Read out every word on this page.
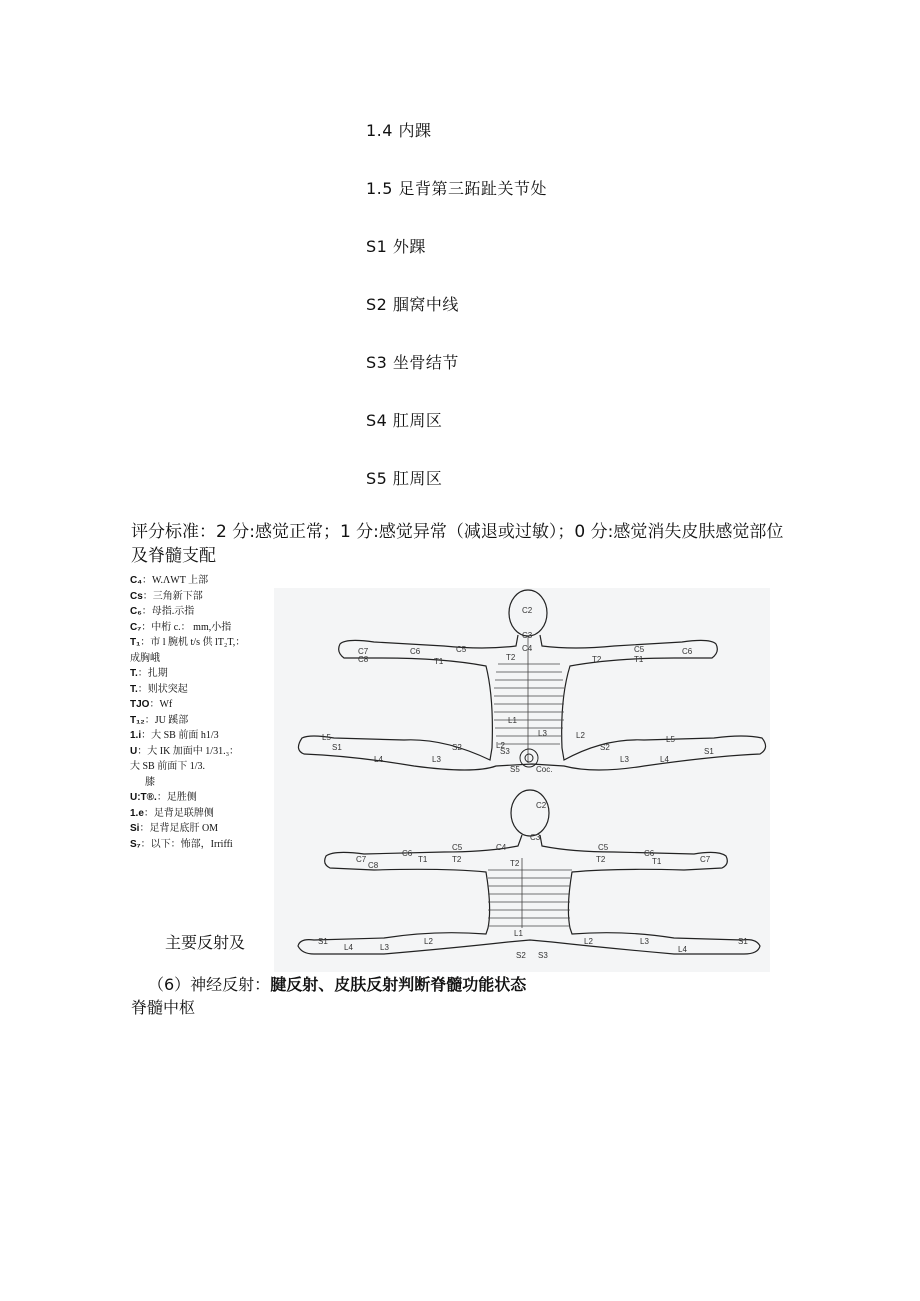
1.4 内踝
1.5 足背第三跖趾关节处
S1 外踝
S2 腘窝中线
S3 坐骨结节
S4 肛周区
S5 肛周区
评分标准：2 分:感觉正常；1 分:感觉异常（减退或过敏）；0 分:感觉消失皮肤感觉部位及脊髓支配
C₄：W.ΛWT 上部
Cs：三角新下部
C₆：母指.示指
C₇：中桁 c.： mm,小指
T₁：市 l 腕机 t/s 供 lT₂T,：
成胸峨
T.：扎期
T.：则状突起
TJO：Wf
T₁₂：JU 蹊部
1.i：大 SB 前面 h1/3
U：大 IK 加面中 1/31.₃：
大 SB 前面下 1/3.
膝
U:T®.：足胜侧
1.e：足背足联牌侧
Si：足背足底肝 OM
S₇：以下：怖部，Irriffi
C2
C3
C4
C5
C6
C7
C8	T1	T2
C5
T2	T1
C6
L1
L3	L2
L2
S1	S2	S2	S1
S3
S5 Coc.
L4	L4
L3	L3
L5	L5
C2
C3
C4	C5
C5
C6	C6
C7
C8
T1	T2	T2	T2	T1	C7
L1
L2	L2
L3
L3
L4	L4
S1	S1
S2 S3
主要反射及
（6）神经反射：腱反射、皮肤反射判断脊髓功能状态
脊髓中枢
